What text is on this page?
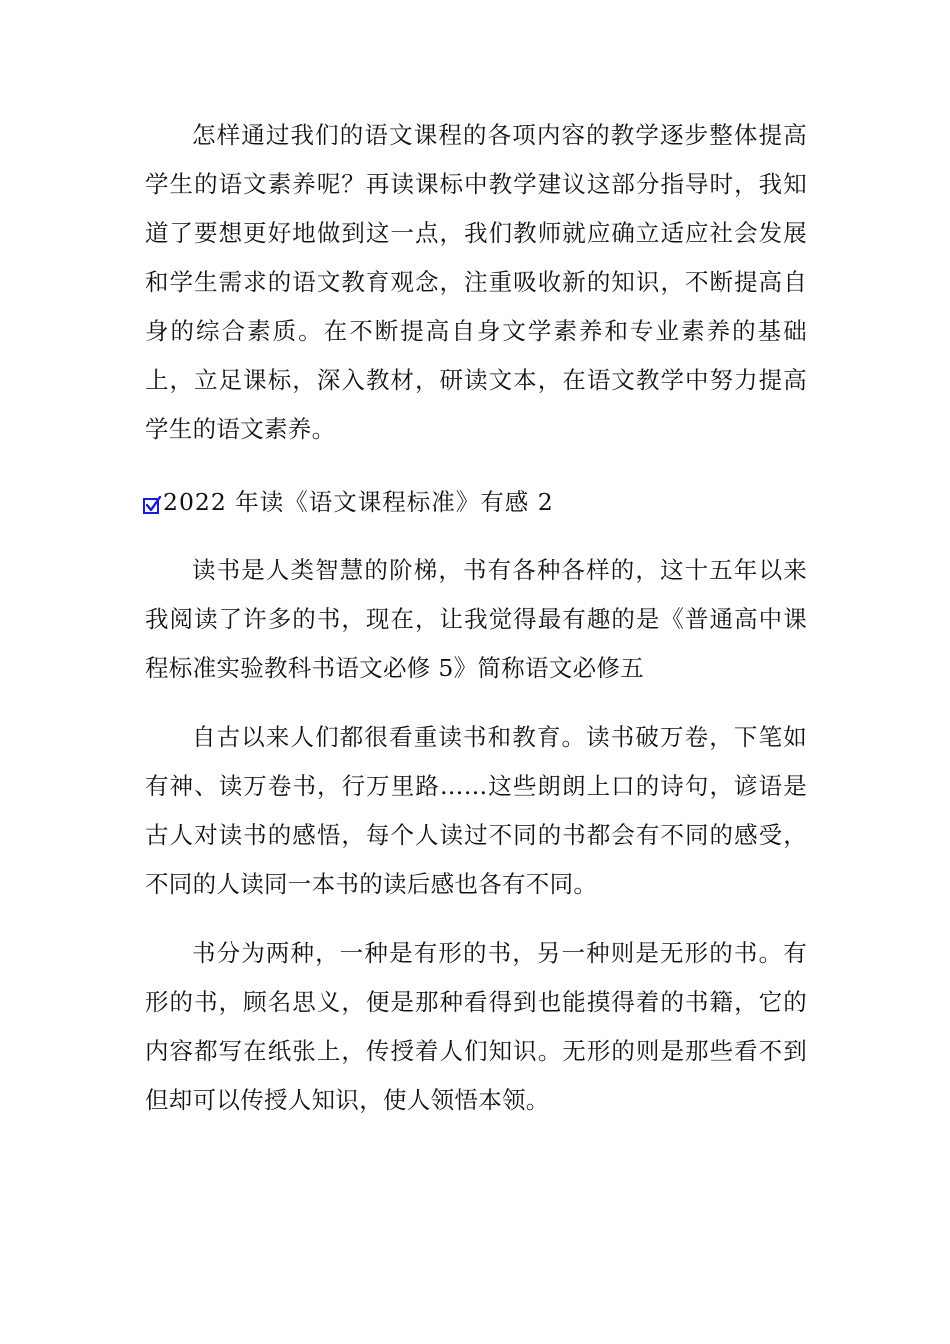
怎样通过我们的语文课程的各项内容的教学逐步整体提高学生的语文素养呢？再读课标中教学建议这部分指导时，我知道了要想更好地做到这一点，我们教师就应确立适应社会发展和学生需求的语文教育观念，注重吸收新的知识，不断提高自身的综合素质。在不断提高自身文学素养和专业素养的基础上，立足课标，深入教材，研读文本，在语文教学中努力提高学生的语文素养。

2022 年读《语文课程标准》有感 2

读书是人类智慧的阶梯，书有各种各样的，这十五年以来我阅读了许多的书，现在，让我觉得最有趣的是《普通高中课程标准实验教科书语文必修 5》简称语文必修五

自古以来人们都很看重读书和教育。读书破万卷，下笔如有神、读万卷书，行万里路……这些朗朗上口的诗句，谚语是古人对读书的感悟，每个人读过不同的书都会有不同的感受，不同的人读同一本书的读后感也各有不同。

书分为两种，一种是有形的书，另一种则是无形的书。有形的书，顾名思义，便是那种看得到也能摸得着的书籍，它的内容都写在纸张上，传授着人们知识。无形的则是那些看不到但却可以传授人知识，使人领悟本领。
